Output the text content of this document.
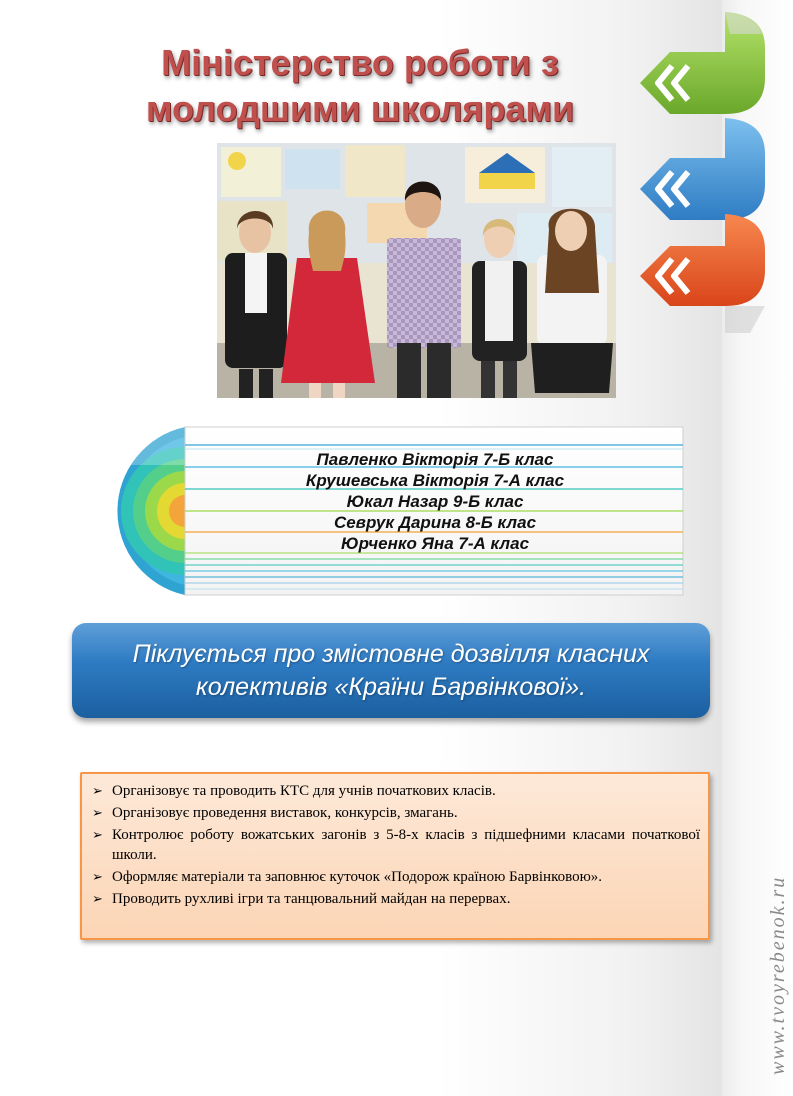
Міністерство роботи з
молодшими школярами
Павленко Вікторія 7-Б клас
Крушевська Вікторія 7-А клас
Юкал Назар 9-Б клас
Севрук Дарина 8-Б клас
Юрченко Яна 7-А клас
Піклується про змістовне дозвілля класних колективів «Країни Барвінкової».
➢ Організовує та проводить КТС для учнів початкових класів.
➢ Організовує проведення виставок, конкурсів, змагань.
➢ Контролює роботу вожатських загонів з 5-8-х класів з підшефними класами початкової школи.
➢ Оформляє матеріали та заповнює куточок «Подорож країною Барвінковою».
➢ Проводить рухливі ігри та танцювальний майдан на перервах.	www.tvoyrebenok.ru
